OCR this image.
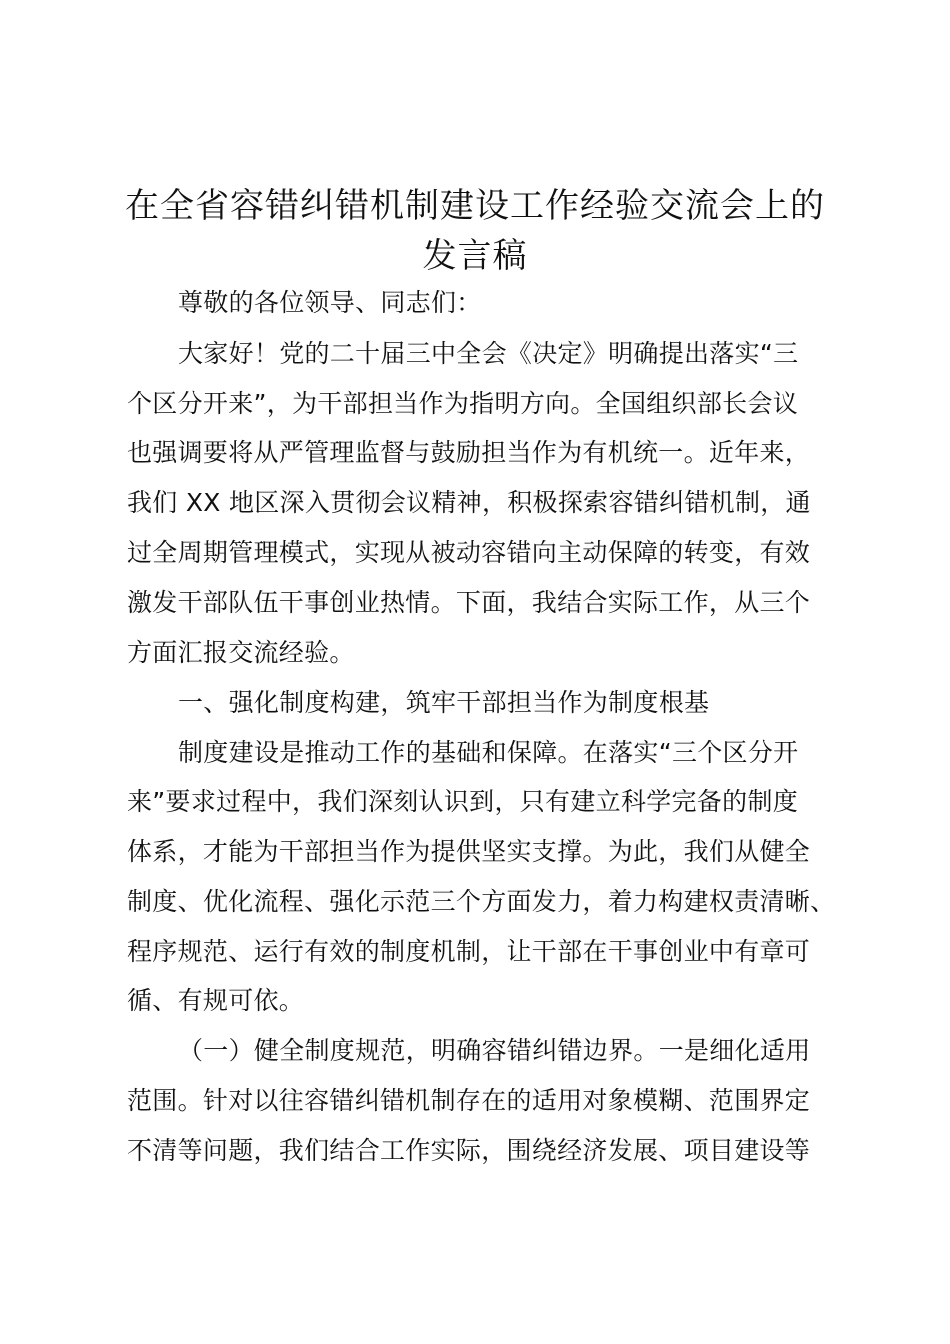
在全省容错纠错机制建设工作经验交流会上的
发言稿
尊敬的各位领导、同志们：
大家好！党的二十届三中全会《决定》明确提出落实“三
个区分开来”，为干部担当作为指明方向。全国组织部长会议
也强调要将从严管理监督与鼓励担当作为有机统一。近年来，
我们 XX 地区深入贯彻会议精神，积极探索容错纠错机制，通
过全周期管理模式，实现从被动容错向主动保障的转变，有效
激发干部队伍干事创业热情。下面，我结合实际工作，从三个
方面汇报交流经验。
一、强化制度构建，筑牢干部担当作为制度根基
制度建设是推动工作的基础和保障。在落实“三个区分开
来”要求过程中，我们深刻认识到，只有建立科学完备的制度
体系，才能为干部担当作为提供坚实支撑。为此，我们从健全
制度、优化流程、强化示范三个方面发力，着力构建权责清晰、
程序规范、运行有效的制度机制，让干部在干事创业中有章可
循、有规可依。
（一）健全制度规范，明确容错纠错边界。一是细化适用
范围。针对以往容错纠错机制存在的适用对象模糊、范围界定
不清等问题，我们结合工作实际，围绕经济发展、项目建设等
